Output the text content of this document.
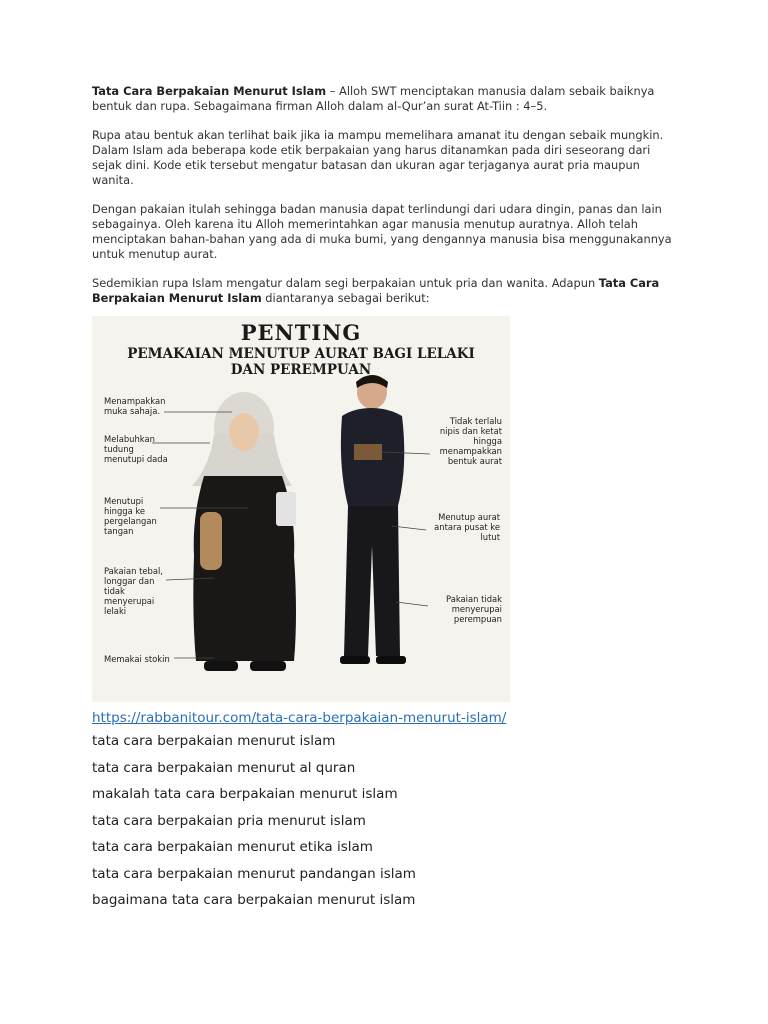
Tata Cara Berpakaian Menurut Islam – Alloh SWT menciptakan manusia dalam sebaik baiknya bentuk dan rupa. Sebagaimana firman Alloh dalam al-Qur’an surat At-Tiin : 4–5.

Rupa atau bentuk akan terlihat baik jika ia mampu memelihara amanat itu dengan sebaik mungkin. Dalam Islam ada beberapa kode etik berpakaian yang harus ditanamkan pada diri seseorang dari sejak dini. Kode etik tersebut mengatur batasan dan ukuran agar terjaganya aurat pria maupun wanita.

Dengan pakaian itulah sehingga badan manusia dapat terlindungi dari udara dingin, panas dan lain sebagainya. Oleh karena itu Alloh memerintahkan agar manusia menutup auratnya. Alloh telah menciptakan bahan-bahan yang ada di muka bumi, yang dengannya manusia bisa menggunakannya untuk menutup aurat.

Sedemikian rupa Islam mengatur dalam segi berpakaian untuk pria dan wanita. Adapun Tata Cara Berpakaian Menurut Islam diantaranya sebagai berikut:

PENTING
PEMAKAIAN MENUTUP AURAT BAGI LELAKI
DAN PEREMPUAN
Menampakkan muka sahaja.
Melabuhkan tudung menutupi dada
Menutupi hingga ke pergelangan tangan
Pakaian tebal, longgar dan tidak menyerupai lelaki
Memakai stokin
Tidak terlalu nipis dan ketat hingga menampakkan bentuk aurat
Menutup aurat antara pusat ke lutut
Pakaian tidak menyerupai perempuan
https://rabbanitour.com/tata-cara-berpakaian-menurut-islam/
tata cara berpakaian menurut islam
tata cara berpakaian menurut al quran
makalah tata cara berpakaian menurut islam
tata cara berpakaian pria menurut islam
tata cara berpakaian menurut etika islam
tata cara berpakaian menurut pandangan islam
bagaimana tata cara berpakaian menurut islam
